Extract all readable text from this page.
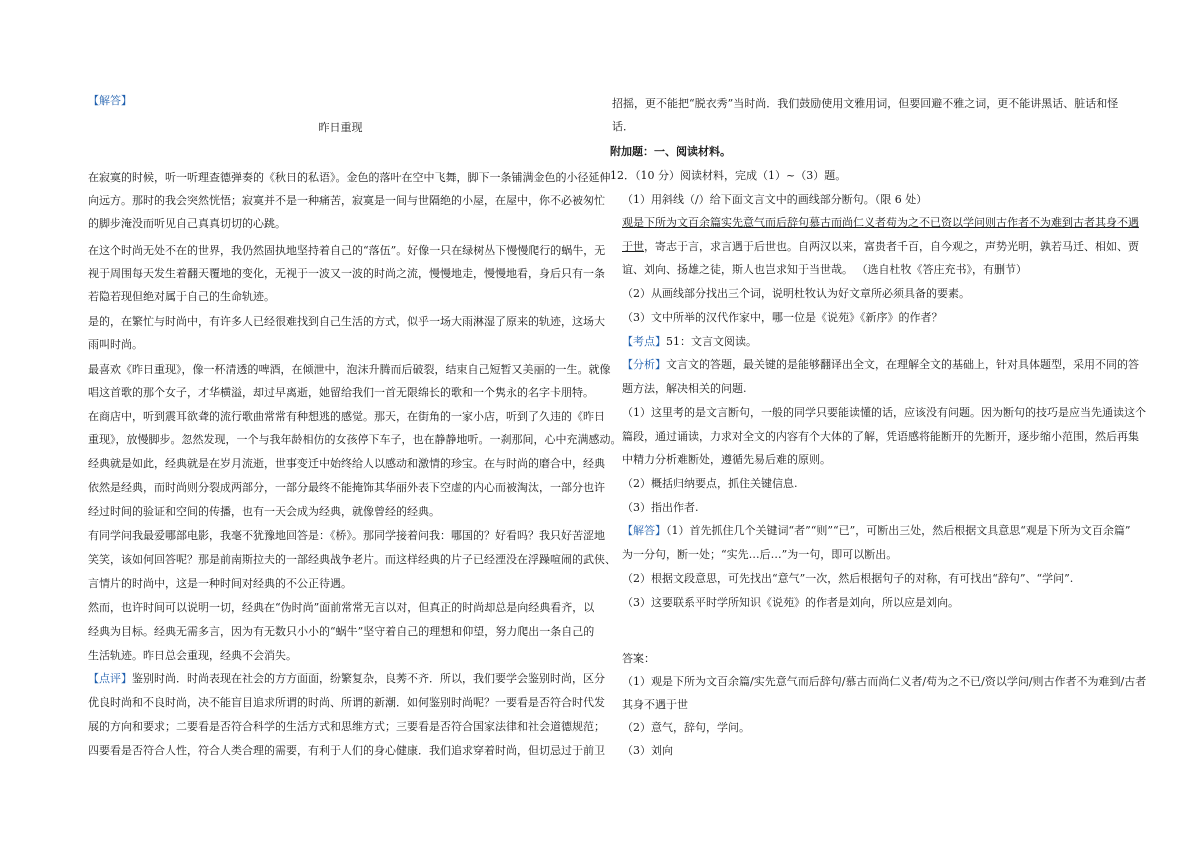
【解答】
昨日重现
在寂寞的时候，听一听理查德弹奏的《秋日的私语》。金色的落叶在空中飞舞，脚下一条铺满金色的小径延伸
向远方。那时的我会突然恍悟；寂寞并不是一种痛苦，寂寞是一间与世隔绝的小屋，在屋中，你不必被匆忙
的脚步淹没而听见自己真真切切的心跳。
在这个时尚无处不在的世界，我仍然固执地坚持着自己的“落伍”。好像一只在绿树丛下慢慢爬行的蜗牛，无
视于周围每天发生着翻天覆地的变化，无视于一波又一波的时尚之流，慢慢地走，慢慢地看，身后只有一条
若隐若现但绝对属于自己的生命轨迹。
是的，在繁忙与时尚中，有许多人已经很难找到自己生活的方式，似乎一场大雨淋湿了原来的轨迹，这场大
雨叫时尚。
最喜欢《昨日重现》，像一杯清透的啤酒，在倾泄中，泡沫升腾而后破裂，结束自己短暂又美丽的一生。就像
唱这首歌的那个女子，才华横溢，却过早离逝，她留给我们一首无限绵长的歌和一个隽永的名字卡朋特。
在商店中，听到震耳欲聋的流行歌曲常常有种想逃的感觉。那天，在街角的一家小店，听到了久违的《昨日
重现》，放慢脚步。忽然发现，一个与我年龄相仿的女孩停下车子，也在静静地听。一刹那间，心中充满感动。
经典就是如此，经典就是在岁月流逝，世事变迁中始终给人以感动和激情的珍宝。在与时尚的磨合中，经典
依然是经典，而时尚则分裂成两部分，一部分最终不能掩饰其华丽外表下空虚的内心而被淘汰，一部分也许
经过时间的验证和空间的传播，也有一天会成为经典，就像曾经的经典。
有同学问我最爱哪部电影，我毫不犹豫地回答是：《桥》。那同学接着问我：哪国的？好看吗？我只好苦涩地
笑笑，该如何回答呢？那是前南斯拉夫的一部经典战争老片。而这样经典的片子已经湮没在浮躁喧闹的武侠、
言情片的时尚中，这是一种时间对经典的不公正待遇。
然而，也许时间可以说明一切，经典在“伪时尚”面前常常无言以对，但真正的时尚却总是向经典看齐，以
经典为目标。经典无需多言，因为有无数只小小的“蜗牛”坚守着自己的理想和仰望，努力爬出一条自己的
生活轨迹。昨日总会重现，经典不会消失。
【点评】鉴别时尚．时尚表现在社会的方方面面，纷繁复杂，良莠不齐．所以，我们要学会鉴别时尚，区分
优良时尚和不良时尚，决不能盲目追求所谓的时尚、所谓的新潮．如何鉴别时尚呢？一要看是否符合时代发
展的方向和要求；二要看是否符合科学的生活方式和思维方式；三要看是否符合国家法律和社会道德规范；
四要看是否符合人性，符合人类合理的需要，有利于人们的身心健康．我们追求穿着时尚，但切忌过于前卫
招摇，更不能把“脱衣秀”当时尚．我们鼓励使用文雅用词，但要回避不雅之词，更不能讲黑话、脏话和怪
话．
附加题：一、阅读材料。
12．（10 分）阅读材料，完成（1）~（3）题。
（1）用斜线（/）给下面文言文中的画线部分断句。（限 6 处）
观是下所为文百余篇实先意气而后辞句慕古而尚仁义者苟为之不已资以学问则古作者不为难到古者其身不遇
于世，寄志于言，求言遇于后世也。自两汉以来，富贵者千百，自今观之，声势光明，孰若马迁、相如、贾
谊、刘向、扬雄之徒，斯人也岂求知于当世哉。 （选自杜牧《答庄充书》，有删节）
（2）从画线部分找出三个词，说明杜牧认为好文章所必须具备的要素。
（3）文中所举的汉代作家中，哪一位是《说苑》《新序》的作者？
【考点】51：文言文阅读。
【分析】文言文的答题，最关键的是能够翻译出全文，在理解全文的基础上，针对具体题型，采用不同的答
题方法，解决相关的问题.
（1）这里考的是文言断句，一般的同学只要能读懂的话，应该没有问题。因为断句的技巧是应当先通读这个
篇段，通过诵读，力求对全文的内容有个大体的了解，凭语感将能断开的先断开，逐步缩小范围，然后再集
中精力分析难断处，遵循先易后难的原则。
（2）概括归纳要点，抓住关键信息.
（3）指出作者.
【解答】（1）首先抓住几个关键词“者”“则”“已”，可断出三处，然后根据文具意思“观是下所为文百余篇”
为一分句，断一处；“实先…后…”为一句，即可以断出。
（2）根据文段意思，可先找出“意气”一次，然后根据句子的对称，有可找出“辞句”、“学问”.
（3）这要联系平时学所知识《说苑》的作者是刘向，所以应是刘向。
答案：
（1）观是下所为文百余篇/实先意气而后辞句/慕古而尚仁义者/苟为之不已/资以学问/则古作者不为难到/古者
其身不遇于世
（2）意气，辞句，学问。
（3）刘向
